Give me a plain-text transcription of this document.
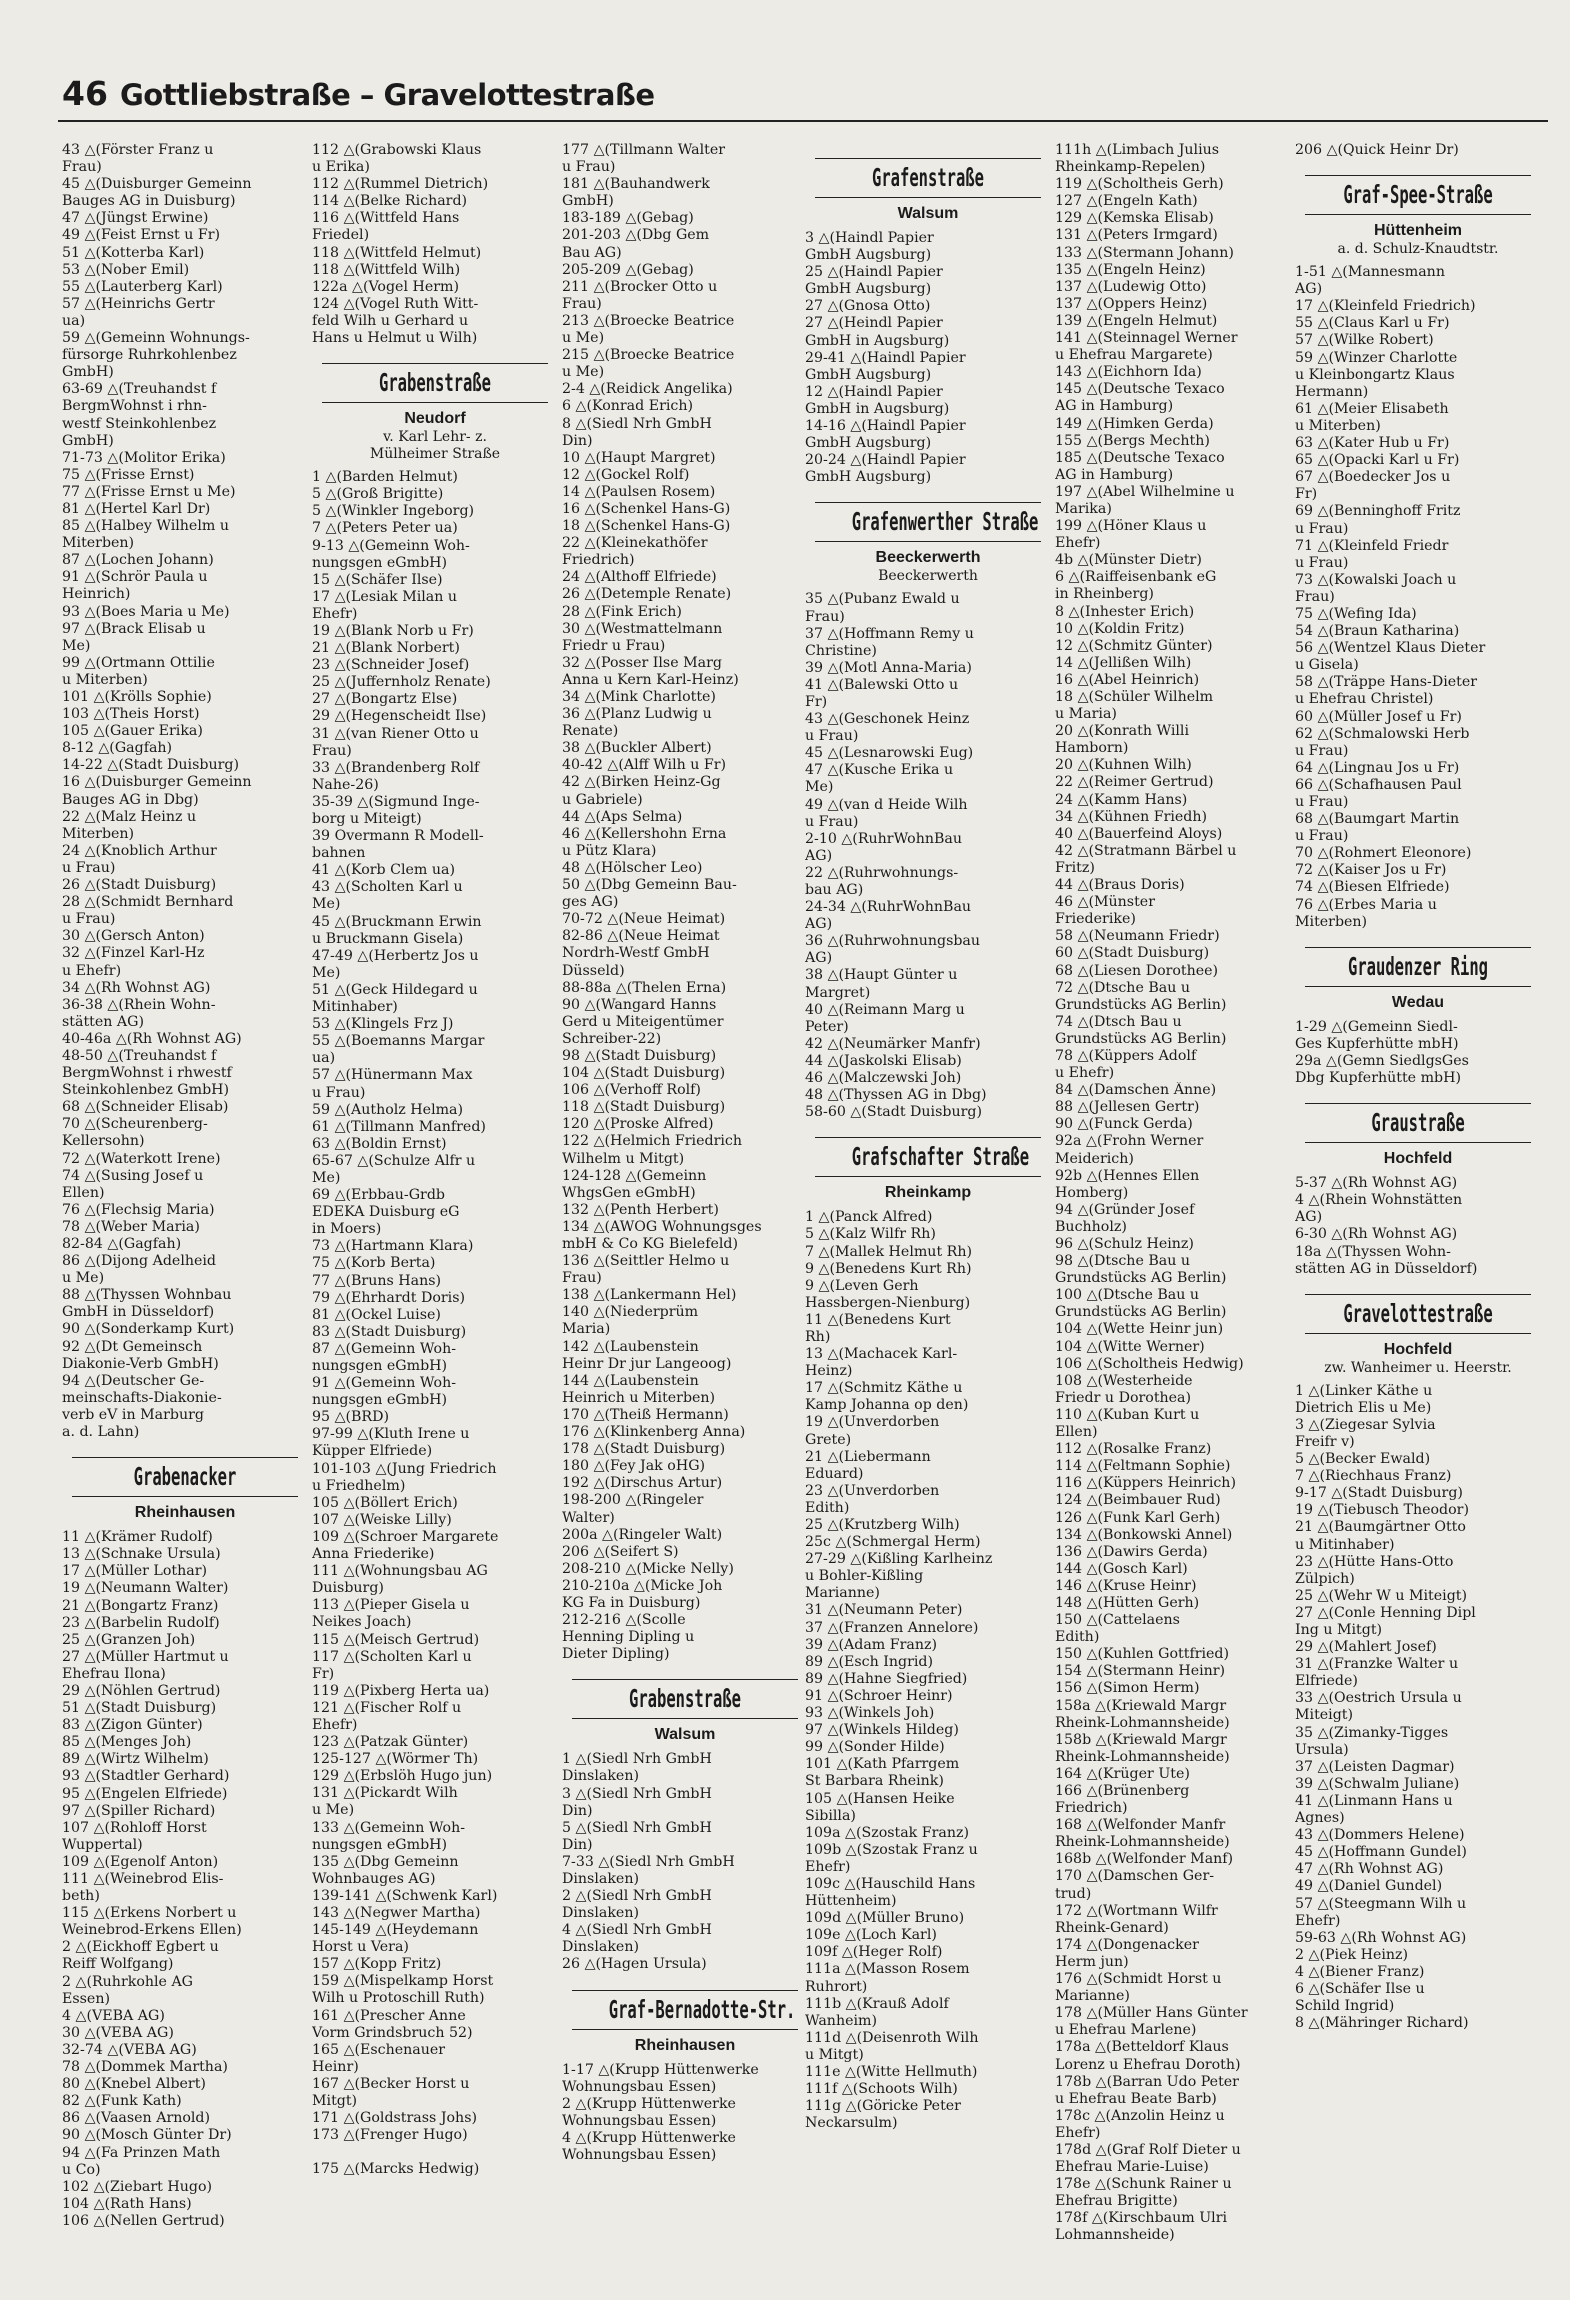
46 Gottliebstraße – Gravelottestraße
43 △(Förster Franz u
Frau)
45 △(Duisburger Gemeinn
Bauges AG in Duisburg)
47 △(Jüngst Erwine)
49 △(Feist Ernst u Fr)
51 △(Kotterba Karl)
53 △(Nober Emil)
55 △(Lauterberg Karl)
57 △(Heinrichs Gertr
ua)
59 △(Gemeinn Wohnungs-
fürsorge Ruhrkohlenbez
GmbH)
63-69 △(Treuhandst f
BergmWohnst i rhn-
westf Steinkohlenbez
GmbH)
71-73 △(Molitor Erika)
75 △(Frisse Ernst)
77 △(Frisse Ernst u Me)
81 △(Hertel Karl Dr)
85 △(Halbey Wilhelm u
Miterben)
87 △(Lochen Johann)
91 △(Schrör Paula u
Heinrich)
93 △(Boes Maria u Me)
97 △(Brack Elisab u
Me)
99 △(Ortmann Ottilie
u Miterben)
101 △(Krölls Sophie)
103 △(Theis Horst)
105 △(Gauer Erika)
8-12 △(Gagfah)
14-22 △(Stadt Duisburg)
16 △(Duisburger Gemeinn
Bauges AG in Dbg)
22 △(Malz Heinz u
Miterben)
24 △(Knoblich Arthur
u Frau)
26 △(Stadt Duisburg)
28 △(Schmidt Bernhard
u Frau)
30 △(Gersch Anton)
32 △(Finzel Karl-Hz
u Ehefr)
34 △(Rh Wohnst AG)
36-38 △(Rhein Wohn-
stätten AG)
40-46a △(Rh Wohnst AG)
48-50 △(Treuhandst f
BergmWohnst i rhwestf
Steinkohlenbez GmbH)
68 △(Schneider Elisab)
70 △(Scheurenberg-
Kellersohn)
72 △(Waterkott Irene)
74 △(Susing Josef u
Ellen)
76 △(Flechsig Maria)
78 △(Weber Maria)
82-84 △(Gagfah)
86 △(Dijong Adelheid
u Me)
88 △(Thyssen Wohnbau
GmbH in Düsseldorf)
90 △(Sonderkamp Kurt)
92 △(Dt Gemeinsch
Diakonie-Verb GmbH)
94 △(Deutscher Ge-
meinschafts-Diakonie-
verb eV in Marburg
a. d. Lahn)
Grabenacker
Rheinhausen
11 △(Krämer Rudolf)
13 △(Schnake Ursula)
17 △(Müller Lothar)
19 △(Neumann Walter)
21 △(Bongartz Franz)
23 △(Barbelin Rudolf)
25 △(Granzen Joh)
27 △(Müller Hartmut u
Ehefrau Ilona)
29 △(Nöhlen Gertrud)
51 △(Stadt Duisburg)
83 △(Zigon Günter)
85 △(Menges Joh)
89 △(Wirtz Wilhelm)
93 △(Stadtler Gerhard)
95 △(Engelen Elfriede)
97 △(Spiller Richard)
107 △(Rohloff Horst
Wuppertal)
109 △(Egenolf Anton)
111 △(Weinebrod Elis-
beth)
115 △(Erkens Norbert u
Weinebrod-Erkens Ellen)
2 △(Eickhoff Egbert u
Reiff Wolfgang)
2 △(Ruhrkohle AG
Essen)
4 △(VEBA AG)
30 △(VEBA AG)
32-74 △(VEBA AG)
78 △(Dommek Martha)
80 △(Knebel Albert)
82 △(Funk Kath)
86 △(Vaasen Arnold)
90 △(Mosch Günter Dr)
94 △(Fa Prinzen Math
u Co)
102 △(Ziebart Hugo)
104 △(Rath Hans)
106 △(Nellen Gertrud)
112 △(Grabowski Klaus
u Erika)
112 △(Rummel Dietrich)
114 △(Belke Richard)
116 △(Wittfeld Hans
Friedel)
118 △(Wittfeld Helmut)
118 △(Wittfeld Wilh)
122a △(Vogel Herm)
124 △(Vogel Ruth Witt-
feld Wilh u Gerhard u
Hans u Helmut u Wilh)
Grabenstraße
Neudorf
v. Karl Lehr- z.
Mülheimer Straße
1 △(Barden Helmut)
5 △(Groß Brigitte)
5 △(Winkler Ingeborg)
7 △(Peters Peter ua)
9-13 △(Gemeinn Woh-
nungsgen eGmbH)
15 △(Schäfer Ilse)
17 △(Lesiak Milan u
Ehefr)
19 △(Blank Norb u Fr)
21 △(Blank Norbert)
23 △(Schneider Josef)
25 △(Juffernholz Renate)
27 △(Bongartz Else)
29 △(Hegenscheidt Ilse)
31 △(van Riener Otto u
Frau)
33 △(Brandenberg Rolf
Nahe-26)
35-39 △(Sigmund Inge-
borg u Miteigt)
39 Overmann R Modell-
bahnen
41 △(Korb Clem ua)
43 △(Scholten Karl u
Me)
45 △(Bruckmann Erwin
u Bruckmann Gisela)
47-49 △(Herbertz Jos u
Me)
51 △(Geck Hildegard u
Mitinhaber)
53 △(Klingels Frz J)
55 △(Boemanns Margar
ua)
57 △(Hünermann Max
u Frau)
59 △(Autholz Helma)
61 △(Tillmann Manfred)
63 △(Boldin Ernst)
65-67 △(Schulze Alfr u
Me)
69 △(Erbbau-Grdb
EDEKA Duisburg eG
in Moers)
73 △(Hartmann Klara)
75 △(Korb Berta)
77 △(Bruns Hans)
79 △(Ehrhardt Doris)
81 △(Ockel Luise)
83 △(Stadt Duisburg)
87 △(Gemeinn Woh-
nungsgen eGmbH)
91 △(Gemeinn Woh-
nungsgen eGmbH)
95 △(BRD)
97-99 △(Kluth Irene u
Küpper Elfriede)
101-103 △(Jung Friedrich
u Friedhelm)
105 △(Böllert Erich)
107 △(Weiske Lilly)
109 △(Schroer Margarete
Anna Friederike)
111 △(Wohnungsbau AG
Duisburg)
113 △(Pieper Gisela u
Neikes Joach)
115 △(Meisch Gertrud)
117 △(Scholten Karl u
Fr)
119 △(Pixberg Herta ua)
121 △(Fischer Rolf u
Ehefr)
123 △(Patzak Günter)
125-127 △(Wörmer Th)
129 △(Erbslöh Hugo jun)
131 △(Pickardt Wilh
u Me)
133 △(Gemeinn Woh-
nungsgen eGmbH)
135 △(Dbg Gemeinn
Wohnbauges AG)
139-141 △(Schwenk Karl)
143 △(Negwer Martha)
145-149 △(Heydemann
Horst u Vera)
157 △(Kopp Fritz)
159 △(Mispelkamp Horst
Wilh u Protoschill Ruth)
161 △(Prescher Anne
Vorm Grindsbruch 52)
165 △(Eschenauer
Heinr)
167 △(Becker Horst u
Mitgt)
171 △(Goldstrass Johs)
173 △(Frenger Hugo)

175 △(Marcks Hedwig)
177 △(Tillmann Walter
u Frau)
181 △(Bauhandwerk
GmbH)
183-189 △(Gebag)
201-203 △(Dbg Gem
Bau AG)
205-209 △(Gebag)
211 △(Brocker Otto u
Frau)
213 △(Broecke Beatrice
u Me)
215 △(Broecke Beatrice
u Me)
2-4 △(Reidick Angelika)
6 △(Konrad Erich)
8 △(Siedl Nrh GmbH
Din)
10 △(Haupt Margret)
12 △(Gockel Rolf)
14 △(Paulsen Rosem)
16 △(Schenkel Hans-G)
18 △(Schenkel Hans-G)
22 △(Kleinekathöfer
Friedrich)
24 △(Althoff Elfriede)
26 △(Detemple Renate)
28 △(Fink Erich)
30 △(Westmattelmann
Friedr u Frau)
32 △(Posser Ilse Marg
Anna u Kern Karl-Heinz)
34 △(Mink Charlotte)
36 △(Planz Ludwig u
Renate)
38 △(Buckler Albert)
40-42 △(Alff Wilh u Fr)
42 △(Birken Heinz-Gg
u Gabriele)
44 △(Aps Selma)
46 △(Kellershohn Erna
u Pütz Klara)
48 △(Hölscher Leo)
50 △(Dbg Gemeinn Bau-
ges AG)
70-72 △(Neue Heimat)
82-86 △(Neue Heimat
Nordrh-Westf GmbH
Düsseld)
88-88a △(Thelen Erna)
90 △(Wangard Hanns
Gerd u Miteigentümer
Schreiber-22)
98 △(Stadt Duisburg)
104 △(Stadt Duisburg)
106 △(Verhoff Rolf)
118 △(Stadt Duisburg)
120 △(Proske Alfred)
122 △(Helmich Friedrich
Wilhelm u Mitgt)
124-128 △(Gemeinn
WhgsGen eGmbH)
132 △(Penth Herbert)
134 △(AWOG Wohnungsges
mbH & Co KG Bielefeld)
136 △(Seittler Helmo u
Frau)
138 △(Lankermann Hel)
140 △(Niederprüm
Maria)
142 △(Laubenstein
Heinr Dr jur Langeoog)
144 △(Laubenstein
Heinrich u Miterben)
170 △(Theiß Hermann)
176 △(Klinkenberg Anna)
178 △(Stadt Duisburg)
180 △(Fey Jak oHG)
192 △(Dirschus Artur)
198-200 △(Ringeler
Walter)
200a △(Ringeler Walt)
206 △(Seifert S)
208-210 △(Micke Nelly)
210-210a △(Micke Joh
KG Fa in Duisburg)
212-216 △(Scolle
Henning Dipling u
Dieter Dipling)
Grabenstraße
Walsum
1 △(Siedl Nrh GmbH
Dinslaken)
3 △(Siedl Nrh GmbH
Din)
5 △(Siedl Nrh GmbH
Din)
7-33 △(Siedl Nrh GmbH
Dinslaken)
2 △(Siedl Nrh GmbH
Dinslaken)
4 △(Siedl Nrh GmbH
Dinslaken)
26 △(Hagen Ursula)
Graf-Bernadotte-Str.
Rheinhausen
1-17 △(Krupp Hüttenwerke
Wohnungsbau Essen)
2 △(Krupp Hüttenwerke
Wohnungsbau Essen)
4 △(Krupp Hüttenwerke
Wohnungsbau Essen)
Grafenstraße
Walsum
3 △(Haindl Papier
GmbH Augsburg)
25 △(Haindl Papier
GmbH Augsburg)
27 △(Gnosa Otto)
27 △(Heindl Papier
GmbH in Augsburg)
29-41 △(Haindl Papier
GmbH Augsburg)
12 △(Haindl Papier
GmbH in Augsburg)
14-16 △(Haindl Papier
GmbH Augsburg)
20-24 △(Haindl Papier
GmbH Augsburg)
Grafenwerther Straße
Beeckerwerth
Beeckerwerth
35 △(Pubanz Ewald u
Frau)
37 △(Hoffmann Remy u
Christine)
39 △(Motl Anna-Maria)
41 △(Balewski Otto u
Fr)
43 △(Geschonek Heinz
u Frau)
45 △(Lesnarowski Eug)
47 △(Kusche Erika u
Me)
49 △(van d Heide Wilh
u Frau)
2-10 △(RuhrWohnBau
AG)
22 △(Ruhrwohnungs-
bau AG)
24-34 △(RuhrWohnBau
AG)
36 △(Ruhrwohnungsbau
AG)
38 △(Haupt Günter u
Margret)
40 △(Reimann Marg u
Peter)
42 △(Neumärker Manfr)
44 △(Jaskolski Elisab)
46 △(Malczewski Joh)
48 △(Thyssen AG in Dbg)
58-60 △(Stadt Duisburg)
Grafschafter Straße
Rheinkamp
1 △(Panck Alfred)
5 △(Kalz Wilfr Rh)
7 △(Mallek Helmut Rh)
9 △(Benedens Kurt Rh)
9 △(Leven Gerh
Hassbergen-Nienburg)
11 △(Benedens Kurt
Rh)
13 △(Machacek Karl-
Heinz)
17 △(Schmitz Käthe u
Kamp Johanna op den)
19 △(Unverdorben
Grete)
21 △(Liebermann
Eduard)
23 △(Unverdorben
Edith)
25 △(Krutzberg Wilh)
25c △(Schmergal Herm)
27-29 △(Kißling Karlheinz
u Bohler-Kißling
Marianne)
31 △(Neumann Peter)
37 △(Franzen Annelore)
39 △(Adam Franz)
89 △(Esch Ingrid)
89 △(Hahne Siegfried)
91 △(Schroer Heinr)
93 △(Winkels Joh)
97 △(Winkels Hildeg)
99 △(Sonder Hilde)
101 △(Kath Pfarrgem
St Barbara Rheink)
105 △(Hansen Heike
Sibilla)
109a △(Szostak Franz)
109b △(Szostak Franz u
Ehefr)
109c △(Hauschild Hans
Hüttenheim)
109d △(Müller Bruno)
109e △(Loch Karl)
109f △(Heger Rolf)
111a △(Masson Rosem
Ruhrort)
111b △(Krauß Adolf
Wanheim)
111d △(Deisenroth Wilh
u Mitgt)
111e △(Witte Hellmuth)
111f △(Schoots Wilh)
111g △(Göricke Peter
Neckarsulm)
111h △(Limbach Julius
Rheinkamp-Repelen)
119 △(Scholtheis Gerh)
127 △(Engeln Kath)
129 △(Kemska Elisab)
131 △(Peters Irmgard)
133 △(Stermann Johann)
135 △(Engeln Heinz)
137 △(Ludewig Otto)
137 △(Oppers Heinz)
139 △(Engeln Helmut)
141 △(Steinnagel Werner
u Ehefrau Margarete)
143 △(Eichhorn Ida)
145 △(Deutsche Texaco
AG in Hamburg)
149 △(Himken Gerda)
155 △(Bergs Mechth)
185 △(Deutsche Texaco
AG in Hamburg)
197 △(Abel Wilhelmine u
Marika)
199 △(Höner Klaus u
Ehefr)
4b △(Münster Dietr)
6 △(Raiffeisenbank eG
in Rheinberg)
8 △(Inhester Erich)
10 △(Koldin Fritz)
12 △(Schmitz Günter)
14 △(Jellißen Wilh)
16 △(Abel Heinrich)
18 △(Schüler Wilhelm
u Maria)
20 △(Konrath Willi
Hamborn)
20 △(Kuhnen Wilh)
22 △(Reimer Gertrud)
24 △(Kamm Hans)
34 △(Kühnen Friedh)
40 △(Bauerfeind Aloys)
42 △(Stratmann Bärbel u
Fritz)
44 △(Braus Doris)
46 △(Münster
Friederike)
58 △(Neumann Friedr)
60 △(Stadt Duisburg)
68 △(Liesen Dorothee)
72 △(Dtsche Bau u
Grundstücks AG Berlin)
74 △(Dtsch Bau u
Grundstücks AG Berlin)
78 △(Küppers Adolf
u Ehefr)
84 △(Damschen Änne)
88 △(Jellesen Gertr)
90 △(Funck Gerda)
92a △(Frohn Werner
Meiderich)
92b △(Hennes Ellen
Homberg)
94 △(Gründer Josef
Buchholz)
96 △(Schulz Heinz)
98 △(Dtsche Bau u
Grundstücks AG Berlin)
100 △(Dtsche Bau u
Grundstücks AG Berlin)
104 △(Wette Heinr jun)
104 △(Witte Werner)
106 △(Scholtheis Hedwig)
108 △(Westerheide
Friedr u Dorothea)
110 △(Kuban Kurt u
Ellen)
112 △(Rosalke Franz)
114 △(Feltmann Sophie)
116 △(Küppers Heinrich)
124 △(Beimbauer Rud)
126 △(Funk Karl Gerh)
134 △(Bonkowski Annel)
136 △(Dawirs Gerda)
144 △(Gosch Karl)
146 △(Kruse Heinr)
148 △(Hütten Gerh)
150 △(Cattelaens
Edith)
150 △(Kuhlen Gottfried)
154 △(Stermann Heinr)
156 △(Simon Herm)
158a △(Kriewald Margr
Rheink-Lohmannsheide)
158b △(Kriewald Margr
Rheink-Lohmannsheide)
164 △(Krüger Ute)
166 △(Brünenberg
Friedrich)
168 △(Welfonder Manfr
Rheink-Lohmannsheide)
168b △(Welfonder Manf)
170 △(Damschen Ger-
trud)
172 △(Wortmann Wilfr
Rheink-Genard)
174 △(Dongenacker
Herm jun)
176 △(Schmidt Horst u
Marianne)
178 △(Müller Hans Günter
u Ehefrau Marlene)
178a △(Betteldorf Klaus
Lorenz u Ehefrau Doroth)
178b △(Barran Udo Peter
u Ehefrau Beate Barb)
178c △(Anzolin Heinz u
Ehefr)
178d △(Graf Rolf Dieter u
Ehefrau Marie-Luise)
178e △(Schunk Rainer u
Ehefrau Brigitte)
178f △(Kirschbaum Ulri
Lohmannsheide)
206 △(Quick Heinr Dr)
Graf-Spee-Straße
Hüttenheim
a. d. Schulz-Knaudtstr.
1-51 △(Mannesmann
AG)
17 △(Kleinfeld Friedrich)
55 △(Claus Karl u Fr)
57 △(Wilke Robert)
59 △(Winzer Charlotte
u Kleinbongartz Klaus
Hermann)
61 △(Meier Elisabeth
u Miterben)
63 △(Kater Hub u Fr)
65 △(Opacki Karl u Fr)
67 △(Boedecker Jos u
Fr)
69 △(Benninghoff Fritz
u Frau)
71 △(Kleinfeld Friedr
u Frau)
73 △(Kowalski Joach u
Frau)
75 △(Wefing Ida)
54 △(Braun Katharina)
56 △(Wentzel Klaus Dieter
u Gisela)
58 △(Träppe Hans-Dieter
u Ehefrau Christel)
60 △(Müller Josef u Fr)
62 △(Schmalowski Herb
u Frau)
64 △(Lingnau Jos u Fr)
66 △(Schafhausen Paul
u Frau)
68 △(Baumgart Martin
u Frau)
70 △(Rohmert Eleonore)
72 △(Kaiser Jos u Fr)
74 △(Biesen Elfriede)
76 △(Erbes Maria u
Miterben)
Graudenzer Ring
Wedau
1-29 △(Gemeinn Siedl-
Ges Kupferhütte mbH)
29a △(Gemn SiedlgsGes
Dbg Kupferhütte mbH)
Graustraße
Hochfeld
5-37 △(Rh Wohnst AG)
4 △(Rhein Wohnstätten
AG)
6-30 △(Rh Wohnst AG)
18a △(Thyssen Wohn-
stätten AG in Düsseldorf)
Gravelottestraße
Hochfeld
zw. Wanheimer u. Heerstr.
1 △(Linker Käthe u
Dietrich Elis u Me)
3 △(Ziegesar Sylvia
Freifr v)
5 △(Becker Ewald)
7 △(Riechhaus Franz)
9-17 △(Stadt Duisburg)
19 △(Tiebusch Theodor)
21 △(Baumgärtner Otto
u Mitinhaber)
23 △(Hütte Hans-Otto
Zülpich)
25 △(Wehr W u Miteigt)
27 △(Conle Henning Dipl
Ing u Mitgt)
29 △(Mahlert Josef)
31 △(Franzke Walter u
Elfriede)
33 △(Oestrich Ursula u
Miteigt)
35 △(Zimanky-Tigges
Ursula)
37 △(Leisten Dagmar)
39 △(Schwalm Juliane)
41 △(Linmann Hans u
Agnes)
43 △(Dommers Helene)
45 △(Hoffmann Gundel)
47 △(Rh Wohnst AG)
49 △(Daniel Gundel)
57 △(Steegmann Wilh u
Ehefr)
59-63 △(Rh Wohnst AG)
2 △(Piek Heinz)
4 △(Biener Franz)
6 △(Schäfer Ilse u
Schild Ingrid)
8 △(Mähringer Richard)
